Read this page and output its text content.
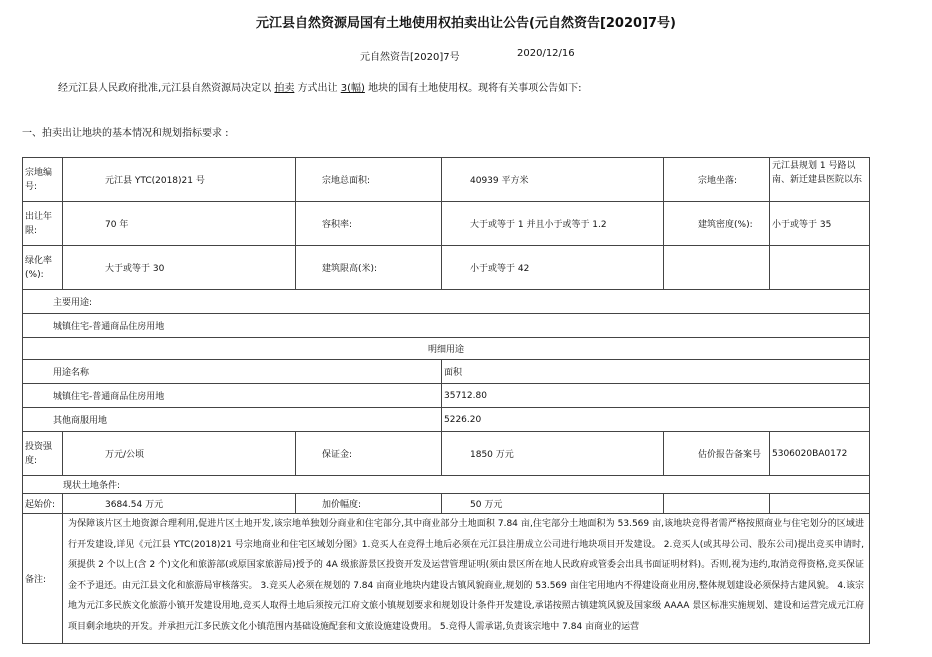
元江县自然资源局国有土地使用权拍卖出让公告(元自然资告[2020]7号)
元自然资告[2020]7号	2020/12/16
经元江县人民政府批准,元江县自然资源局决定以 拍卖 方式出让 3(幅) 地块的国有土地使用权。现将有关事项公告如下:
一、拍卖出让地块的基本情况和规划指标要求 :
宗地编号:	元江县 YTC(2018)21 号	宗地总面积:	40939 平方米	宗地坐落:	元江县规划 1 号路以南、新迁建县医院以东

出让年限:	70 年	容积率:	大于或等于 1 并且小于或等于 1.2	建筑密度(%):	小于或等于 35

绿化率(%):	大于或等于 30	建筑限高(米):	小于或等于 42		
主要用途:					
城镇住宅-普通商品住房用地					
明细用途					
用途名称			面积		
城镇住宅-普通商品住房用地			35712.80		
其他商服用地			5226.20		

投资强度:	万元/公顷	保证金:	1850 万元	估价报告备案号	5306020BA0172
现状土地条件:					
起始价:	3684.54 万元	加价幅度:	50 万元		
备注:	为保障该片区土地资源合理利用,促进片区土地开发,该宗地单独划分商业和住宅部分,其中商业部分土地面积 7.84 亩,住宅部分土地面积为 53.569 亩,该地块竞得者需严格按照商业与住宅划分的区域进行开发建设,详见《元江县 YTC(2018)21 号宗地商业和住宅区域划分图》1.竞买人在竞得土地后必须在元江县注册成立公司进行地块项目开发建设。 2.竞买人(或其母公司、股东公司)提出竞买申请时,须提供 2 个以上(含 2 个)文化和旅游部(或原国家旅游局)授予的 4A 级旅游景区投资开发及运营管理证明(须由景区所在地人民政府或管委会出具书面证明材料)。否则,视为违约,取消竞得资格,竞买保证金不予退还。由元江县文化和旅游局审核落实。 3.竞买人必须在规划的 7.84 亩商业地块内建设古镇风貌商业,规划的 53.569 亩住宅用地内不得建设商业用房,整体规划建设必须保持古建风貌。 4.该宗地为元江多民族文化旅游小镇开发建设用地,竞买人取得土地后须按元江府文旅小镇规划要求和规划设计条件开发建设,承诺按照古镇建筑风貌及国家级 AAAA 景区标准实施规划、建设和运营完成元江府项目剩余地块的开发。并承担元江多民族文化小镇范围内基础设施配套和文旅设施建设费用。 5.竞得人需承诺,负责该宗地中 7.84 亩商业的运营				
